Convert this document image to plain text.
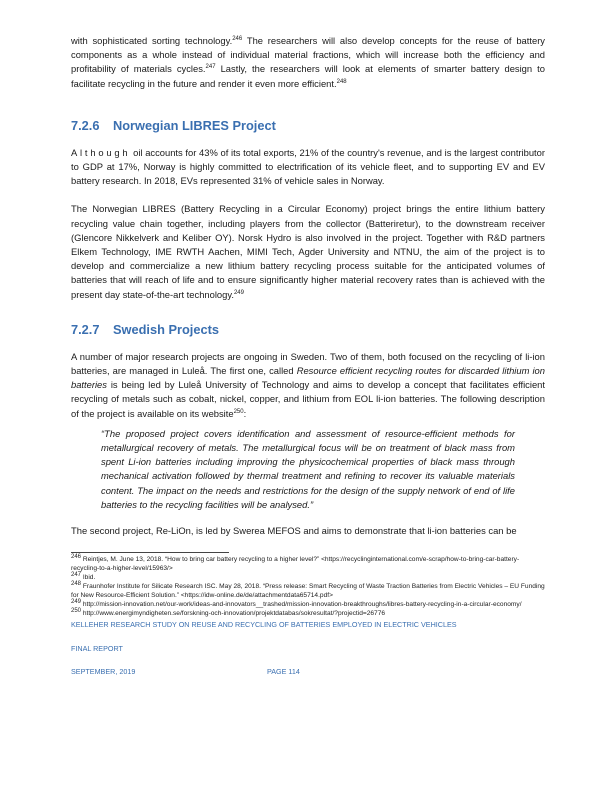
with sophisticated sorting technology.$^{246}$ The researchers will also develop concepts for the reuse of battery components as a whole instead of individual material fractions, which will increase both the efficiency and profitability of materials cycles.$^{247}$ Lastly, the researchers will look at elements of smarter battery design to facilitate recycling in the future and render it even more efficient.$^{248}$

7.2.6 Norwegian LIBRES Project

Although oil accounts for 43% of its total exports, 21% of the country's revenue, and is the largest contributor to GDP at 17%, Norway is highly committed to electrification of its vehicle fleet, and to supporting EV and EV battery research. In 2018, EVs represented 31% of vehicle sales in Norway.

The Norwegian LIBRES (Battery Recycling in a Circular Economy) project brings the entire lithium battery recycling value chain together, including players from the collector (Batteriretur), to the downstream receiver (Glencore Nikkelverk and Keliber OY). Norsk Hydro is also involved in the project. Together with R&D partners Elkem Technology, IME RWTH Aachen, MIMI Tech, Agder University and NTNU, the aim of the project is to develop and commercialize a new lithium battery recycling process suitable for the anticipated volumes of batteries that will reach of life and to ensure significantly higher material recovery rates than is achieved with the present day state-of-the-art technology.$^{249}$

7.2.7 Swedish Projects

A number of major research projects are ongoing in Sweden. Two of them, both focused on the recycling of li-ion batteries, are managed in Luleå. The first one, called Resource efficient recycling routes for discarded lithium ion batteries is being led by Luleå University of Technology and aims to develop a concept that facilitates efficient recycling of metals such as cobalt, nickel, copper, and lithium from EOL li-ion batteries. The following description of the project is available on its website$^{250}$:

“The proposed project covers identification and assessment of resource-efficient methods for metallurgical recovery of metals. The metallurgical focus will be on treatment of black mass from spent Li-ion batteries including improving the physicochemical properties of black mass through mechanical activation followed by thermal treatment and refining to recover its valuable materials content. The impact on the needs and restrictions for the design of the supply network of end of life batteries to the recycling facilities will be analysed.”

The second project, Re-LiOn, is led by Swerea MEFOS and aims to demonstrate that li-ion batteries can be

$^{246}$ Reintjes, M. June 13, 2018. “How to bring car battery recycling to a higher level?” <https://recyclinginternational.com/e-scrap/how-to-bring-car-battery-recycling-to-a-higher-level/15963/>
$^{247}$ Ibid.
$^{248}$ Fraunhofer Institute for Silicate Research ISC. May 28, 2018. “Press release: Smart Recycling of Waste Traction Batteries from Electric Vehicles – EU Funding for New Resource-Efficient Solution.” <https://idw-online.de/de/attachmentdata65714.pdf>
$^{249}$ http://mission-innovation.net/our-work/ideas-and-innovators__trashed/mission-innovation-breakthroughs/libres-battery-recycling-in-a-circular-economy/
$^{250}$ http://www.energimyndigheten.se/forskning-och-innovation/projektdatabas/sokresultat/?projectid=26776
KELLEHER RESEARCH STUDY ON REUSE AND RECYCLING OF BATTERIES EMPLOYED IN ELECTRIC VEHICLES
FINAL REPORT
SEPTEMBER, 2019	PAGE 114
